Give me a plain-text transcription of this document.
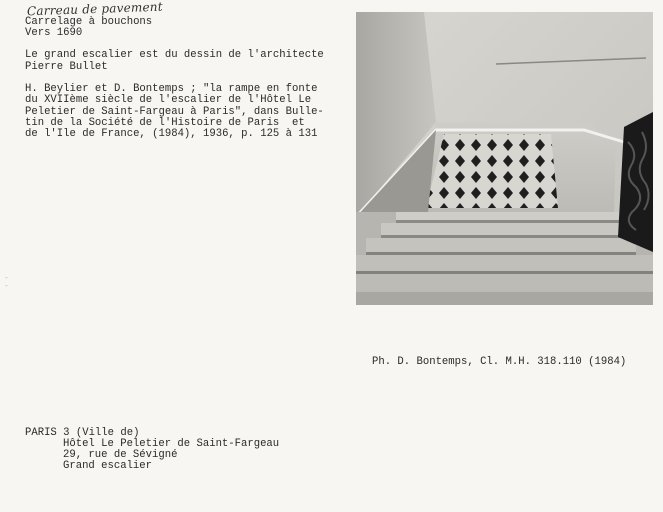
Carreau de pavement
Carrelage à bouchons
Vers 1690
Le grand escalier est du dessin de l'architecte
Pierre Bullet
H. Beylier et D. Bontemps ; "la rampe en fonte
du XVIIème siècle de l'escalier de l'Hôtel Le
Peletier de Saint-Fargeau à Paris", dans Bulle-
tin de la Société de l'Histoire de Paris  et
de l'Ile de France, (1984), 1936, p. 125 à 131
-
-
Ph. D. Bontemps, Cl. M.H. 318.110 (1984)
PARIS 3 (Ville de)
Hôtel Le Peletier de Saint-Fargeau
29, rue de Sévigné
Grand escalier
